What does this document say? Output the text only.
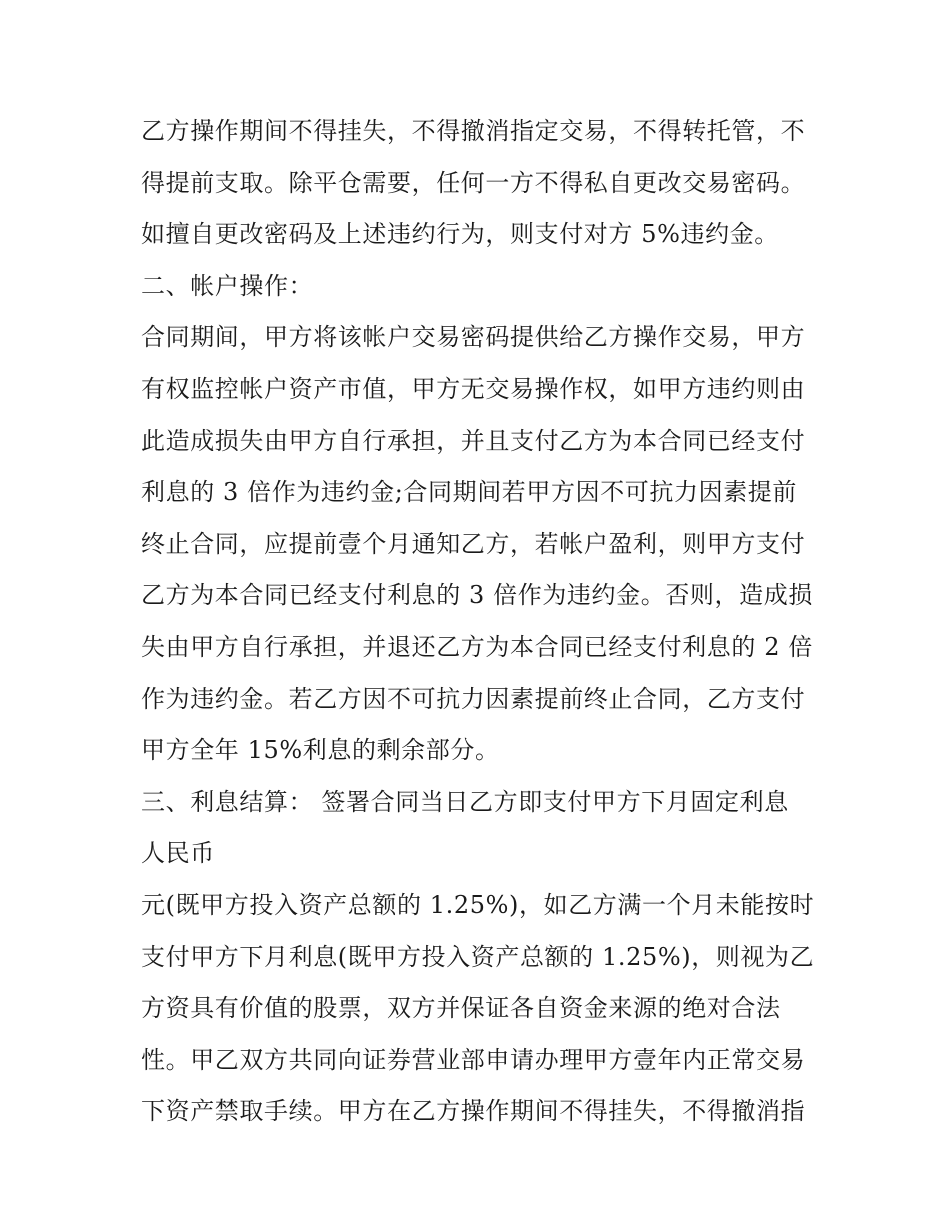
乙方操作期间不得挂失，不得撤消指定交易，不得转托管，不
得提前支取。除平仓需要，任何一方不得私自更改交易密码。
如擅自更改密码及上述违约行为，则支付对方 5%违约金。
二、帐户操作：
合同期间，甲方将该帐户交易密码提供给乙方操作交易，甲方
有权监控帐户资产市值，甲方无交易操作权，如甲方违约则由
此造成损失由甲方自行承担，并且支付乙方为本合同已经支付
利息的 3 倍作为违约金;合同期间若甲方因不可抗力因素提前
终止合同，应提前壹个月通知乙方，若帐户盈利，则甲方支付
乙方为本合同已经支付利息的 3 倍作为违约金。否则，造成损
失由甲方自行承担，并退还乙方为本合同已经支付利息的 2 倍
作为违约金。若乙方因不可抗力因素提前终止合同，乙方支付
甲方全年 15%利息的剩余部分。
三、利息结算： 签署合同当日乙方即支付甲方下月固定利息
人民币
元(既甲方投入资产总额的 1.25%)，如乙方满一个月未能按时
支付甲方下月利息(既甲方投入资产总额的 1.25%)，则视为乙
方资具有价值的股票，双方并保证各自资金来源的绝对合法
性。甲乙双方共同向证券营业部申请办理甲方壹年内正常交易
下资产禁取手续。甲方在乙方操作期间不得挂失，不得撤消指
